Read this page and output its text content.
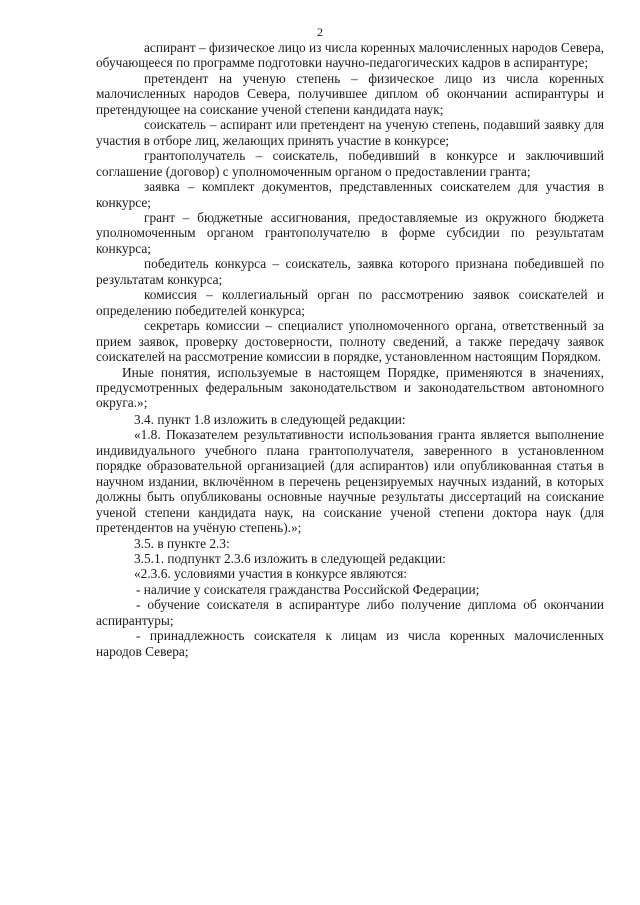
2

аспирант – физическое лицо из числа коренных малочисленных народов Севера, обучающееся по программе подготовки научно-педагогических кадров в аспирантуре;

претендент на ученую степень – физическое лицо из числа коренных малочисленных народов Севера, получившее диплом об окончании аспирантуры и претендующее на соискание ученой степени кандидата наук;

соискатель – аспирант или претендент на ученую степень, подавший заявку для участия в отборе лиц, желающих принять участие в конкурсе;

грантополучатель – соискатель, победивший в конкурсе и заключивший соглашение (договор) с уполномоченным органом о предоставлении гранта;

заявка – комплект документов, представленных соискателем для участия в конкурсе;

грант – бюджетные ассигнования, предоставляемые из окружного бюджета уполномоченным органом грантополучателю в форме субсидии по результатам конкурса;

победитель конкурса – соискатель, заявка которого признана победившей по результатам конкурса;

комиссия – коллегиальный орган по рассмотрению заявок соискателей и определению победителей конкурса;

секретарь комиссии – специалист уполномоченного органа, ответственный за прием заявок, проверку достоверности, полноту сведений, а также передачу заявок соискателей на рассмотрение комиссии в порядке, установленном настоящим Порядком.

Иные понятия, используемые в настоящем Порядке, применяются в значениях, предусмотренных федеральным законодательством и законодательством автономного округа.»;

3.4. пункт 1.8 изложить в следующей редакции:

«1.8. Показателем результативности использования гранта является выполнение индивидуального учебного плана грантополучателя, заверенного в установленном порядке образовательной организацией (для аспирантов) или опубликованная статья в научном издании, включённом в перечень рецензируемых научных изданий, в которых должны быть опубликованы основные научные результаты диссертаций на соискание ученой степени кандидата наук, на соискание ученой степени доктора наук (для претендентов на учёную степень).»;

3.5. в пункте 2.3:

3.5.1. подпункт 2.3.6 изложить в следующей редакции:

«2.3.6. условиями участия в конкурсе являются:

- наличие у соискателя гражданства Российской Федерации;

- обучение соискателя в аспирантуре либо получение диплома об окончании аспирантуры;

- принадлежность соискателя к лицам из числа коренных малочисленных народов Севера;
